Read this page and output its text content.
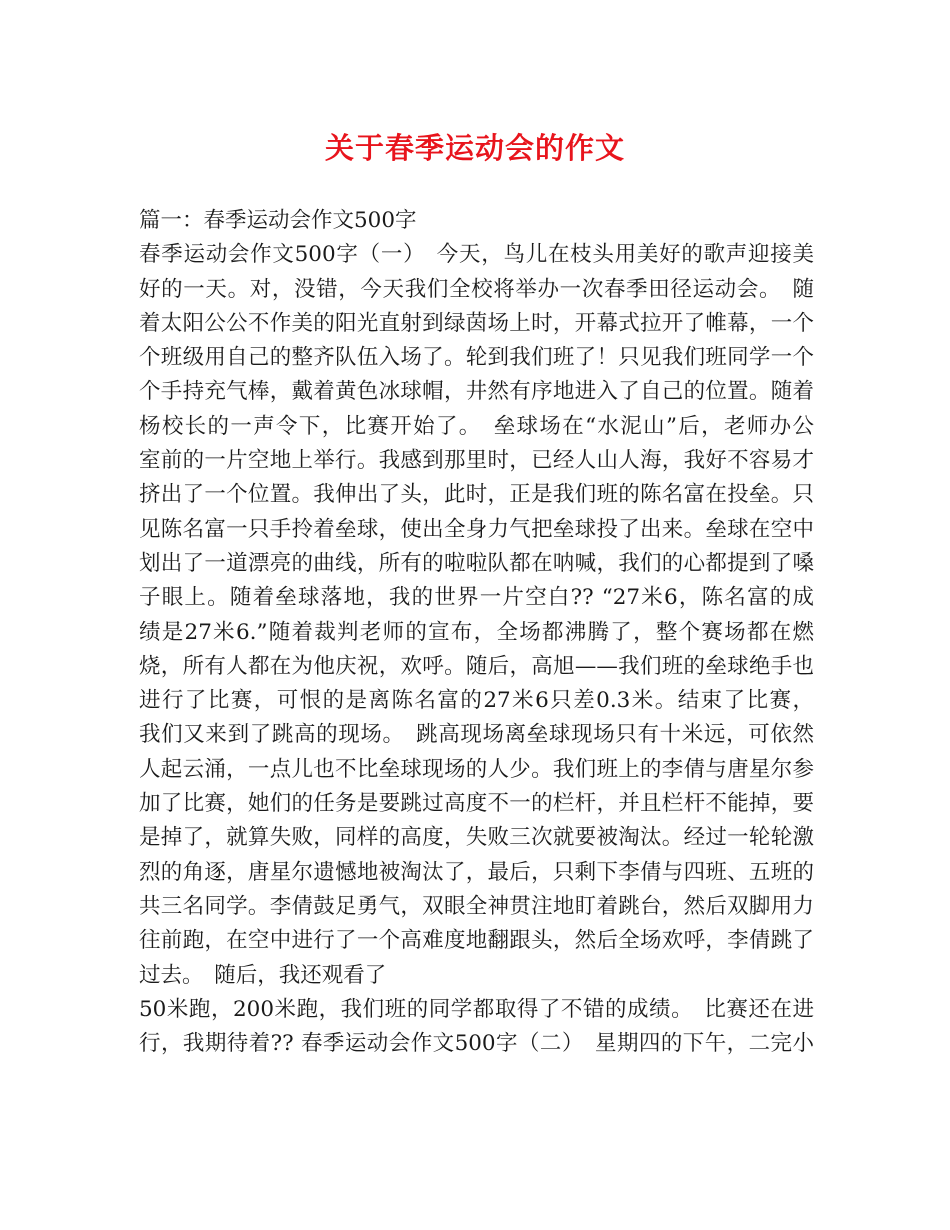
关于春季运动会的作文
篇一：春季运动会作文500字
春季运动会作文500字（一）　今天，鸟儿在枝头用美好的歌声迎接美
好的一天。对，没错，今天我们全校将举办一次春季田径运动会。　随
着太阳公公不作美的阳光直射到绿茵场上时，开幕式拉开了帷幕，一个
个班级用自己的整齐队伍入场了。轮到我们班了！只见我们班同学一个
个手持充气棒，戴着黄色冰球帽，井然有序地进入了自己的位置。随着
杨校长的一声令下，比赛开始了。　垒球场在“水泥山”后，老师办公
室前的一片空地上举行。我感到那里时，已经人山人海，我好不容易才
挤出了一个位置。我伸出了头，此时，正是我们班的陈名富在投垒。只
见陈名富一只手拎着垒球，使出全身力气把垒球投了出来。垒球在空中
划出了一道漂亮的曲线，所有的啦啦队都在呐喊，我们的心都提到了嗓
子眼上。随着垒球落地，我的世界一片空白?? “27米6，陈名富的成
绩是27米6.”随着裁判老师的宣布，全场都沸腾了，整个赛场都在燃
烧，所有人都在为他庆祝，欢呼。随后，高旭——我们班的垒球绝手也
进行了比赛，可恨的是离陈名富的27米6只差0.3米。结束了比赛，
我们又来到了跳高的现场。　跳高现场离垒球现场只有十米远，可依然
人起云涌，一点儿也不比垒球现场的人少。我们班上的李倩与唐星尔参
加了比赛，她们的任务是要跳过高度不一的栏杆，并且栏杆不能掉，要
是掉了，就算失败，同样的高度，失败三次就要被淘汰。经过一轮轮激
烈的角逐，唐星尔遗憾地被淘汰了，最后，只剩下李倩与四班、五班的
共三名同学。李倩鼓足勇气，双眼全神贯注地盯着跳台，然后双脚用力
往前跑，在空中进行了一个高难度地翻跟头，然后全场欢呼，李倩跳了
过去。　随后，我还观看了
50米跑，200米跑，我们班的同学都取得了不错的成绩。　比赛还在进
行，我期待着?? 春季运动会作文500字（二）　星期四的下午，二完小
